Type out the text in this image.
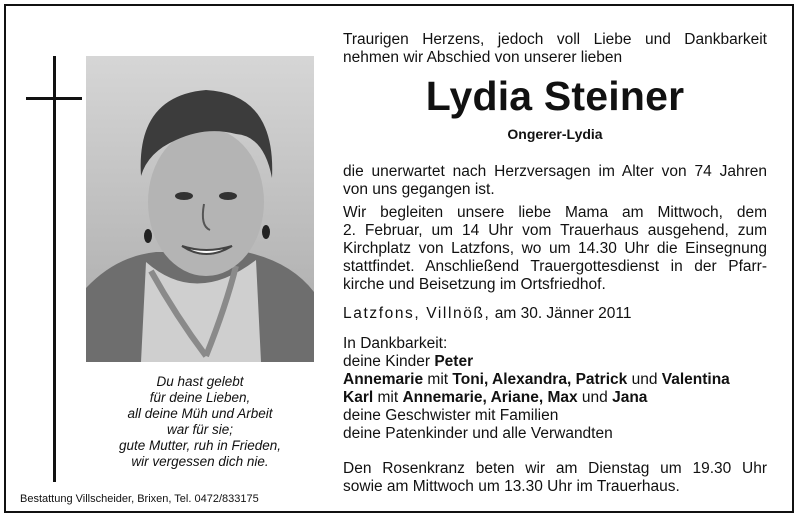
Du hast gelebt
für deine Lieben,
all deine Müh und Arbeit
war für sie;
gute Mutter, ruh in Frieden,
wir vergessen dich nie.
Bestattung Villscheider, Brixen, Tel. 0472/833175
Traurigen Herzens, jedoch voll Liebe und Dankbarkeit
nehmen wir Abschied von unserer lieben
Lydia Steiner
Ongerer-Lydia
die unerwartet nach Herzversagen im Alter von 74 Jahren
von uns gegangen ist.
Wir begleiten unsere liebe Mama am Mittwoch, dem
2. Februar, um 14 Uhr vom Trauerhaus ausgehend, zum
Kirchplatz von Latzfons, wo um 14.30 Uhr die Einsegnung
stattfindet. Anschließend Trauergottesdienst in der Pfarr-
kirche und Beisetzung im Ortsfriedhof.
Latzfons, Villnöß, am 30. Jänner 2011
In Dankbarkeit:
deine Kinder Peter
Annemarie mit Toni, Alexandra, Patrick und Valentina
Karl mit Annemarie, Ariane, Max und Jana
deine Geschwister mit Familien
deine Patenkinder und alle Verwandten
Den Rosenkranz beten wir am Dienstag um 19.30 Uhr
sowie am Mittwoch um 13.30 Uhr im Trauerhaus.
